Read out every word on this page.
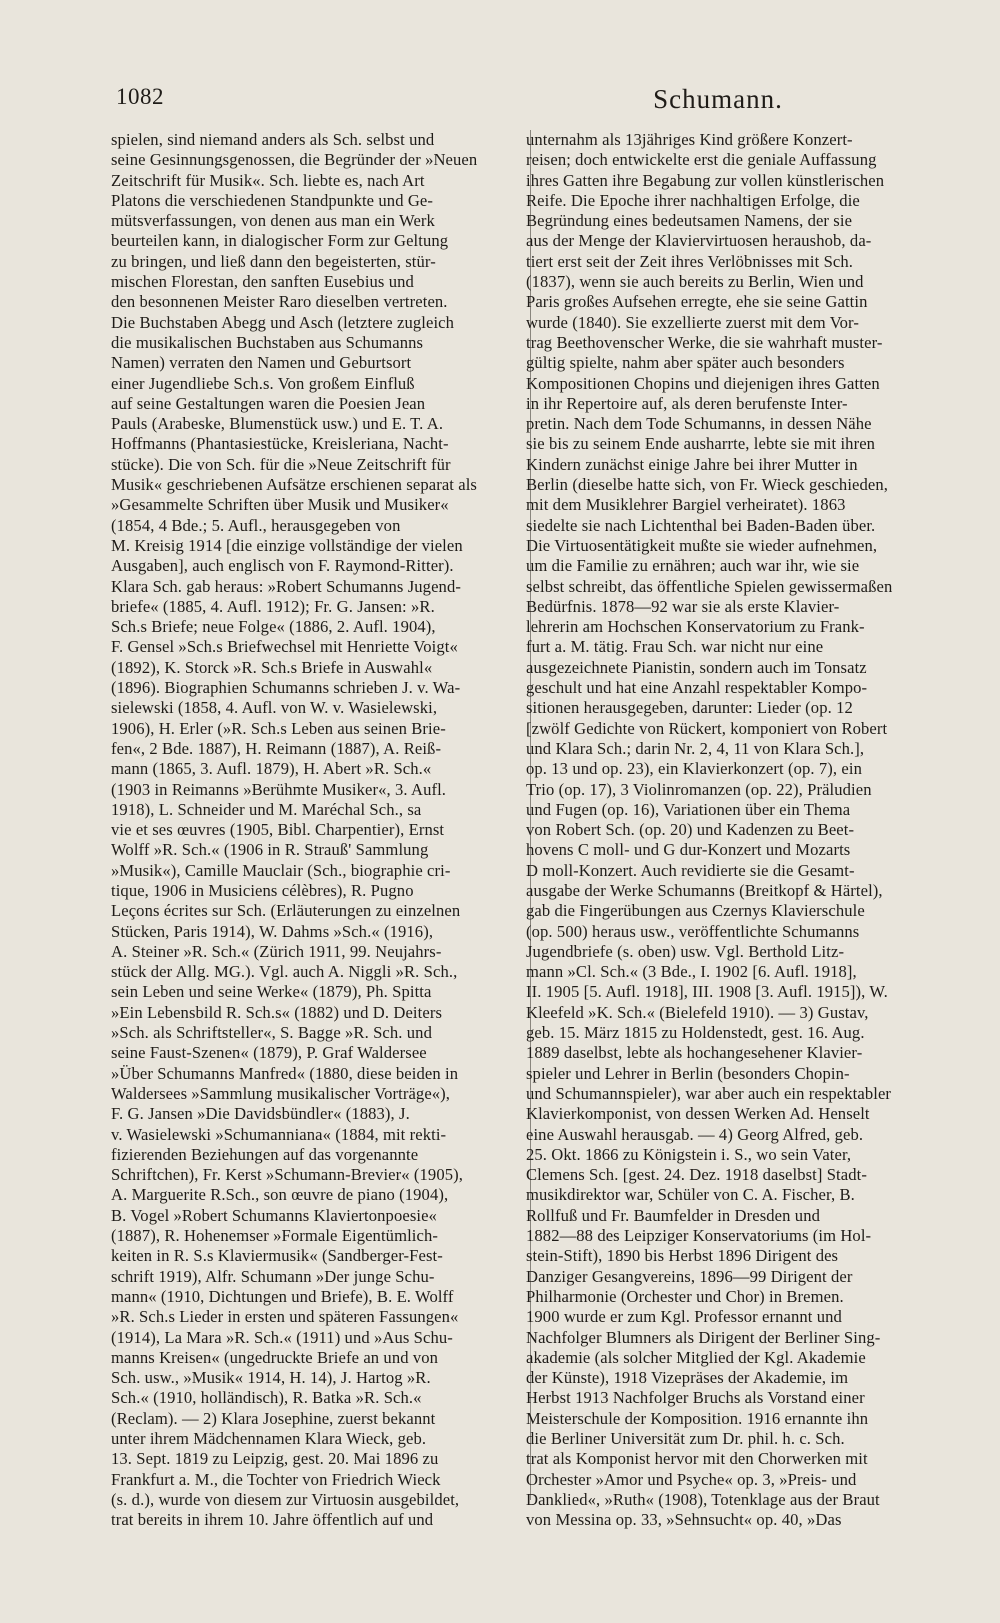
1082	Schumann.
spielen, sind niemand anders als Sch. selbst und
seine Gesinnungsgenossen, die Begründer der »Neuen
Zeitschrift für Musik«. Sch. liebte es, nach Art
Platons die verschiedenen Standpunkte und Ge-
mütsverfassungen, von denen aus man ein Werk
beurteilen kann, in dialogischer Form zur Geltung
zu bringen, und ließ dann den begeisterten, stür-
mischen Florestan, den sanften Eusebius und
den besonnenen Meister Raro dieselben vertreten.
Die Buchstaben Abegg und Asch (letztere zugleich
die musikalischen Buchstaben aus Schumanns
Namen) verraten den Namen und Geburtsort
einer Jugendliebe Sch.s. Von großem Einfluß
auf seine Gestaltungen waren die Poesien Jean
Pauls (Arabeske, Blumenstück usw.) und E. T. A.
Hoffmanns (Phantasiestücke, Kreisleriana, Nacht-
stücke). Die von Sch. für die »Neue Zeitschrift für
Musik« geschriebenen Aufsätze erschienen separat als
»Gesammelte Schriften über Musik und Musiker«
(1854, 4 Bde.; 5. Aufl., herausgegeben von
M. Kreisig 1914 [die einzige vollständige der vielen
Ausgaben], auch englisch von F. Raymond-Ritter).
Klara Sch. gab heraus: »Robert Schumanns Jugend-
briefe« (1885, 4. Aufl. 1912); Fr. G. Jansen: »R.
Sch.s Briefe; neue Folge« (1886, 2. Aufl. 1904),
F. Gensel »Sch.s Briefwechsel mit Henriette Voigt«
(1892), K. Storck »R. Sch.s Briefe in Auswahl«
(1896). Biographien Schumanns schrieben J. v. Wa-
sielewski (1858, 4. Aufl. von W. v. Wasielewski,
1906), H. Erler (»R. Sch.s Leben aus seinen Brie-
fen«, 2 Bde. 1887), H. Reimann (1887), A. Reiß-
mann (1865, 3. Aufl. 1879), H. Abert »R. Sch.«
(1903 in Reimanns »Berühmte Musiker«, 3. Aufl.
1918), L. Schneider und M. Maréchal Sch., sa
vie et ses œuvres (1905, Bibl. Charpentier), Ernst
Wolff »R. Sch.« (1906 in R. Strauß' Sammlung
»Musik«), Camille Mauclair (Sch., biographie cri-
tique, 1906 in Musiciens célèbres), R. Pugno
Leçons écrites sur Sch. (Erläuterungen zu einzelnen
Stücken, Paris 1914), W. Dahms »Sch.« (1916),
A. Steiner »R. Sch.« (Zürich 1911, 99. Neujahrs-
stück der Allg. MG.). Vgl. auch A. Niggli »R. Sch.,
sein Leben und seine Werke« (1879), Ph. Spitta
»Ein Lebensbild R. Sch.s« (1882) und D. Deiters
»Sch. als Schriftsteller«, S. Bagge »R. Sch. und
seine Faust-Szenen« (1879), P. Graf Waldersee
»Über Schumanns Manfred« (1880, diese beiden in
Waldersees »Sammlung musikalischer Vorträge«),
F. G. Jansen »Die Davidsbündler« (1883), J.
v. Wasielewski »Schumanniana« (1884, mit rekti-
fizierenden Beziehungen auf das vorgenannte
Schriftchen), Fr. Kerst »Schumann-Brevier« (1905),
A. Marguerite R.Sch., son œuvre de piano (1904),
B. Vogel »Robert Schumanns Klaviertonpoesie«
(1887), R. Hohenemser »Formale Eigentümlich-
keiten in R. S.s Klaviermusik« (Sandberger-Fest-
schrift 1919), Alfr. Schumann »Der junge Schu-
mann« (1910, Dichtungen und Briefe), B. E. Wolff
»R. Sch.s Lieder in ersten und späteren Fassungen«
(1914), La Mara »R. Sch.« (1911) und »Aus Schu-
manns Kreisen« (ungedruckte Briefe an und von
Sch. usw., »Musik« 1914, H. 14), J. Hartog »R.
Sch.« (1910, holländisch), R. Batka »R. Sch.«
(Reclam). — 2) Klara Josephine, zuerst bekannt
unter ihrem Mädchennamen Klara Wieck, geb.
13. Sept. 1819 zu Leipzig, gest. 20. Mai 1896 zu
Frankfurt a. M., die Tochter von Friedrich Wieck
(s. d.), wurde von diesem zur Virtuosin ausgebildet,
trat bereits in ihrem 10. Jahre öffentlich auf und
unternahm als 13jähriges Kind größere Konzert-
reisen; doch entwickelte erst die geniale Auffassung
ihres Gatten ihre Begabung zur vollen künstlerischen
Reife. Die Epoche ihrer nachhaltigen Erfolge, die
Begründung eines bedeutsamen Namens, der sie
aus der Menge der Klaviervirtuosen heraushob, da-
tiert erst seit der Zeit ihres Verlöbnisses mit Sch.
(1837), wenn sie auch bereits zu Berlin, Wien und
Paris großes Aufsehen erregte, ehe sie seine Gattin
wurde (1840). Sie exzellierte zuerst mit dem Vor-
trag Beethovenscher Werke, die sie wahrhaft muster-
gültig spielte, nahm aber später auch besonders
Kompositionen Chopins und diejenigen ihres Gatten
in ihr Repertoire auf, als deren berufenste Inter-
pretin. Nach dem Tode Schumanns, in dessen Nähe
sie bis zu seinem Ende ausharrte, lebte sie mit ihren
Kindern zunächst einige Jahre bei ihrer Mutter in
Berlin (dieselbe hatte sich, von Fr. Wieck geschieden,
mit dem Musiklehrer Bargiel verheiratet). 1863
siedelte sie nach Lichtenthal bei Baden-Baden über.
Die Virtuosentätigkeit mußte sie wieder aufnehmen,
um die Familie zu ernähren; auch war ihr, wie sie
selbst schreibt, das öffentliche Spielen gewissermaßen
Bedürfnis. 1878—92 war sie als erste Klavier-
lehrerin am Hochschen Konservatorium zu Frank-
furt a. M. tätig. Frau Sch. war nicht nur eine
ausgezeichnete Pianistin, sondern auch im Tonsatz
geschult und hat eine Anzahl respektabler Kompo-
sitionen herausgegeben, darunter: Lieder (op. 12
[zwölf Gedichte von Rückert, komponiert von Robert
und Klara Sch.; darin Nr. 2, 4, 11 von Klara Sch.],
op. 13 und op. 23), ein Klavierkonzert (op. 7), ein
Trio (op. 17), 3 Violinromanzen (op. 22), Präludien
und Fugen (op. 16), Variationen über ein Thema
von Robert Sch. (op. 20) und Kadenzen zu Beet-
hovens C moll- und G dur-Konzert und Mozarts
D moll-Konzert. Auch revidierte sie die Gesamt-
ausgabe der Werke Schumanns (Breitkopf & Härtel),
gab die Fingerübungen aus Czernys Klavierschule
(op. 500) heraus usw., veröffentlichte Schumanns
Jugendbriefe (s. oben) usw. Vgl. Berthold Litz-
mann »Cl. Sch.« (3 Bde., I. 1902 [6. Aufl. 1918],
II. 1905 [5. Aufl. 1918], III. 1908 [3. Aufl. 1915]), W.
Kleefeld »K. Sch.« (Bielefeld 1910). — 3) Gustav,
geb. 15. März 1815 zu Holdenstedt, gest. 16. Aug.
1889 daselbst, lebte als hochangesehener Klavier-
spieler und Lehrer in Berlin (besonders Chopin-
und Schumannspieler), war aber auch ein respektabler
Klavierkomponist, von dessen Werken Ad. Henselt
eine Auswahl herausgab. — 4) Georg Alfred, geb.
25. Okt. 1866 zu Königstein i. S., wo sein Vater,
Clemens Sch. [gest. 24. Dez. 1918 daselbst] Stadt-
musikdirektor war, Schüler von C. A. Fischer, B.
Rollfuß und Fr. Baumfelder in Dresden und
1882—88 des Leipziger Konservatoriums (im Hol-
stein-Stift), 1890 bis Herbst 1896 Dirigent des
Danziger Gesangvereins, 1896—99 Dirigent der
Philharmonie (Orchester und Chor) in Bremen.
1900 wurde er zum Kgl. Professor ernannt und
Nachfolger Blumners als Dirigent der Berliner Sing-
akademie (als solcher Mitglied der Kgl. Akademie
der Künste), 1918 Vizepräses der Akademie, im
Herbst 1913 Nachfolger Bruchs als Vorstand einer
Meisterschule der Komposition. 1916 ernannte ihn
die Berliner Universität zum Dr. phil. h. c. Sch.
trat als Komponist hervor mit den Chorwerken mit
Orchester »Amor und Psyche« op. 3, »Preis- und
Danklied«, »Ruth« (1908), Totenklage aus der Braut
von Messina op. 33, »Sehnsucht« op. 40, »Das
